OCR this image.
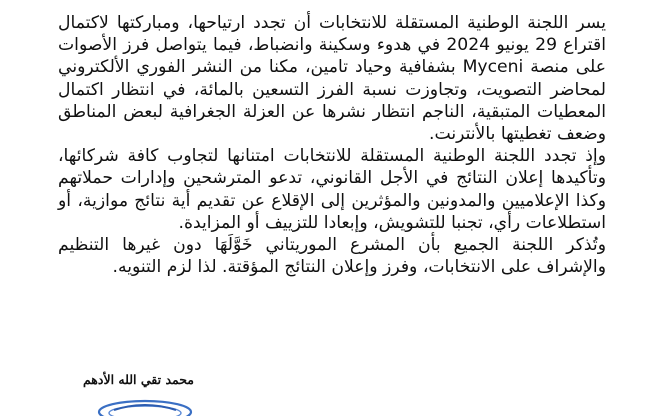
يسر اللجنة الوطنية المستقلة للانتخابات أن تجدد ارتياحها، ومباركتها لاكتمال اقتراع 29 يونيو 2024 في هدوء وسكينة وانضباط، فيما يتواصل فرز الأصوات على منصة Myceni بشفافية وحياد تامين، مكنا من النشر الفوري الألكتروني لمحاضر التصويت، وتجاوزت نسبة الفرز التسعين بالمائة، في انتظار اكتمال المعطيات المتبقية، الناجم انتظار نشرها عن العزلة الجغرافية لبعض المناطق وضعف تغطيتها بالأنترنت.

وإذ تجدد اللجنة الوطنية المستقلة للانتخابات امتنانها لتجاوب كافة شركائها، وتأكيدها إعلان النتائج في الأجل القانوني، تدعو المترشحين وإدارات حملاتهم وكذا الإعلاميين والمدونين والمؤثرين إلى الإقلاع عن تقديم أية نتائج موازية، أو استطلاعات رأي، تجنبا للتشويش، وإبعادا للتزييف أو المزايدة.

وتُذكر اللجنة الجميع بأن المشرع الموريتاني خَوَّلَهَا دون غيرها التنظيم والإشراف على الانتخابات، وفرز وإعلان النتائج المؤقتة. لذا لزم التنويه.

محمد تقي الله الأدهم
